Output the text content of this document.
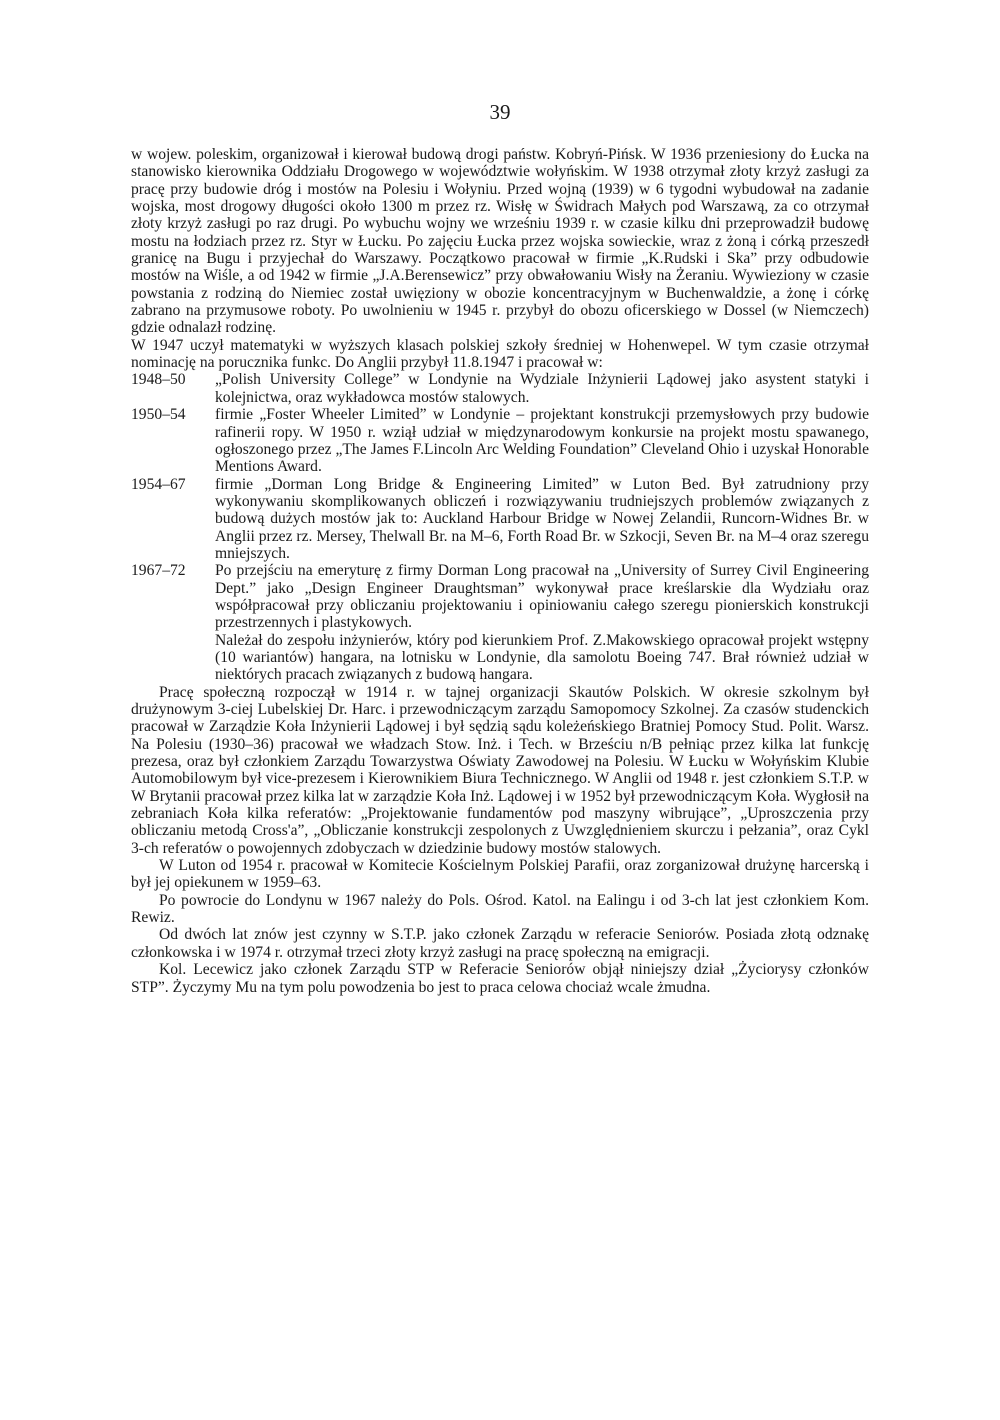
39

w wojew. poleskim, organizował i kierował budową drogi państw. Kobryń-Pińsk. W 1936 przeniesiony do Łucka na stanowisko kierownika Oddziału Drogowego w województwie wołyńskim. W 1938 otrzymał złoty krzyż zasługi za pracę przy budowie dróg i mostów na Polesiu i Wołyniu. Przed wojną (1939) w 6 tygodni wybudował na zadanie wojska, most drogowy długości około 1300 m przez rz. Wisłę w Świdrach Małych pod Warszawą, za co otrzymał złoty krzyż zasługi po raz drugi. Po wybuchu wojny we wrześniu 1939 r. w czasie kilku dni przeprowadził budowę mostu na łodziach przez rz. Styr w Łucku. Po zajęciu Łucka przez wojska sowieckie, wraz z żoną i córką przeszedł granicę na Bugu i przyjechał do Warszawy. Początkowo pracował w firmie „K.Rudski i Ska” przy odbudowie mostów na Wiśle, a od 1942 w firmie „J.A.Berensewicz” przy obwałowaniu Wisły na Żeraniu. Wywieziony w czasie powstania z rodziną do Niemiec został uwięziony w obozie koncentracyjnym w Buchenwaldzie, a żonę i córkę zabrano na przymusowe roboty. Po uwolnieniu w 1945 r. przybył do obozu oficerskiego w Dossel (w Niemczech) gdzie odnalazł rodzinę.

W 1947 uczył matematyki w wyższych klasach polskiej szkoły średniej w Hohenwepel. W tym czasie otrzymał nominację na porucznika funkc. Do Anglii przybył 11.8.1947 i pracował w:

1948–50	„Polish University College” w Londynie na Wydziale Inżynierii Lądowej jako asystent statyki i kolejnictwa, oraz wykładowca mostów stalowych.

1950–54	firmie „Foster Wheeler Limited” w Londynie – projektant konstrukcji przemysłowych przy budowie rafinerii ropy. W 1950 r. wziął udział w międzynarodowym konkursie na projekt mostu spawanego, ogłoszonego przez „The James F.Lincoln Arc Welding Foundation” Cleveland Ohio i uzyskał Honorable Mentions Award.

1954–67	firmie „Dorman Long Bridge & Engineering Limited” w Luton Bed. Był zatrudniony przy wykonywaniu skomplikowanych obliczeń i rozwiązywaniu trudniejszych problemów związanych z budową dużych mostów jak to: Auckland Harbour Bridge w Nowej Zelandii, Runcorn-Widnes Br. w Anglii przez rz. Mersey, Thelwall Br. na M–6, Forth Road Br. w Szkocji, Seven Br. na M–4 oraz szeregu mniejszych.

1967–72	Po przejściu na emeryturę z firmy Dorman Long pracował na „University of Surrey Civil Engineering Dept.” jako „Design Engineer Draughtsman” wykonywał prace kreślarskie dla Wydziału oraz współpracował przy obliczaniu projektowaniu i opiniowaniu całego szeregu pionierskich konstrukcji przestrzennych i plastykowych.

Należał do zespołu inżynierów, który pod kierunkiem Prof. Z.Makowskiego opracował projekt wstępny (10 wariantów) hangara, na lotnisku w Londynie, dla samolotu Boeing 747. Brał również udział w niektórych pracach związanych z budową hangara.

Pracę społeczną rozpoczął w 1914 r. w tajnej organizacji Skautów Polskich. W okresie szkolnym był drużynowym 3-ciej Lubelskiej Dr. Harc. i przewodniczącym zarządu Samopomocy Szkolnej. Za czasów studenckich pracował w Zarządzie Koła Inżynierii Lądowej i był sędzią sądu koleżeńskiego Bratniej Pomocy Stud. Polit. Warsz. Na Polesiu (1930–36) pracował we władzach Stow. Inż. i Tech. w Brześciu n/B pełniąc przez kilka lat funkcję prezesa, oraz był członkiem Zarządu Towarzystwa Oświaty Zawodowej na Polesiu. W Łucku w Wołyńskim Klubie Automobilowym był vice-prezesem i Kierownikiem Biura Technicznego. W Anglii od 1948 r. jest członkiem S.T.P. w W Brytanii pracował przez kilka lat w zarządzie Koła Inż. Lądowej i w 1952 był przewodniczącym Koła. Wygłosił na zebraniach Koła kilka referatów: „Projektowanie fundamentów pod maszyny wibrujące”, „Uproszczenia przy obliczaniu metodą Cross'a”, „Obliczanie konstrukcji zespolonych z Uwzględnieniem skurczu i pełzania”, oraz Cykl 3-ch referatów o powojennych zdobyczach w dziedzinie budowy mostów stalowych.

W Luton od 1954 r. pracował w Komitecie Kościelnym Polskiej Parafii, oraz zorganizował drużynę harcerską i był jej opiekunem w 1959–63.

Po powrocie do Londynu w 1967 należy do Pols. Ośrod. Katol. na Ealingu i od 3-ch lat jest członkiem Kom. Rewiz.

Od dwóch lat znów jest czynny w S.T.P. jako członek Zarządu w referacie Seniorów. Posiada złotą odznakę członkowska i w 1974 r. otrzymał trzeci złoty krzyż zasługi na pracę społeczną na emigracji.

Kol. Lecewicz jako członek Zarządu STP w Referacie Seniorów objął niniejszy dział „Życiorysy członków STP”. Życzymy Mu na tym polu powodzenia bo jest to praca celowa chociaż wcale żmudna.
